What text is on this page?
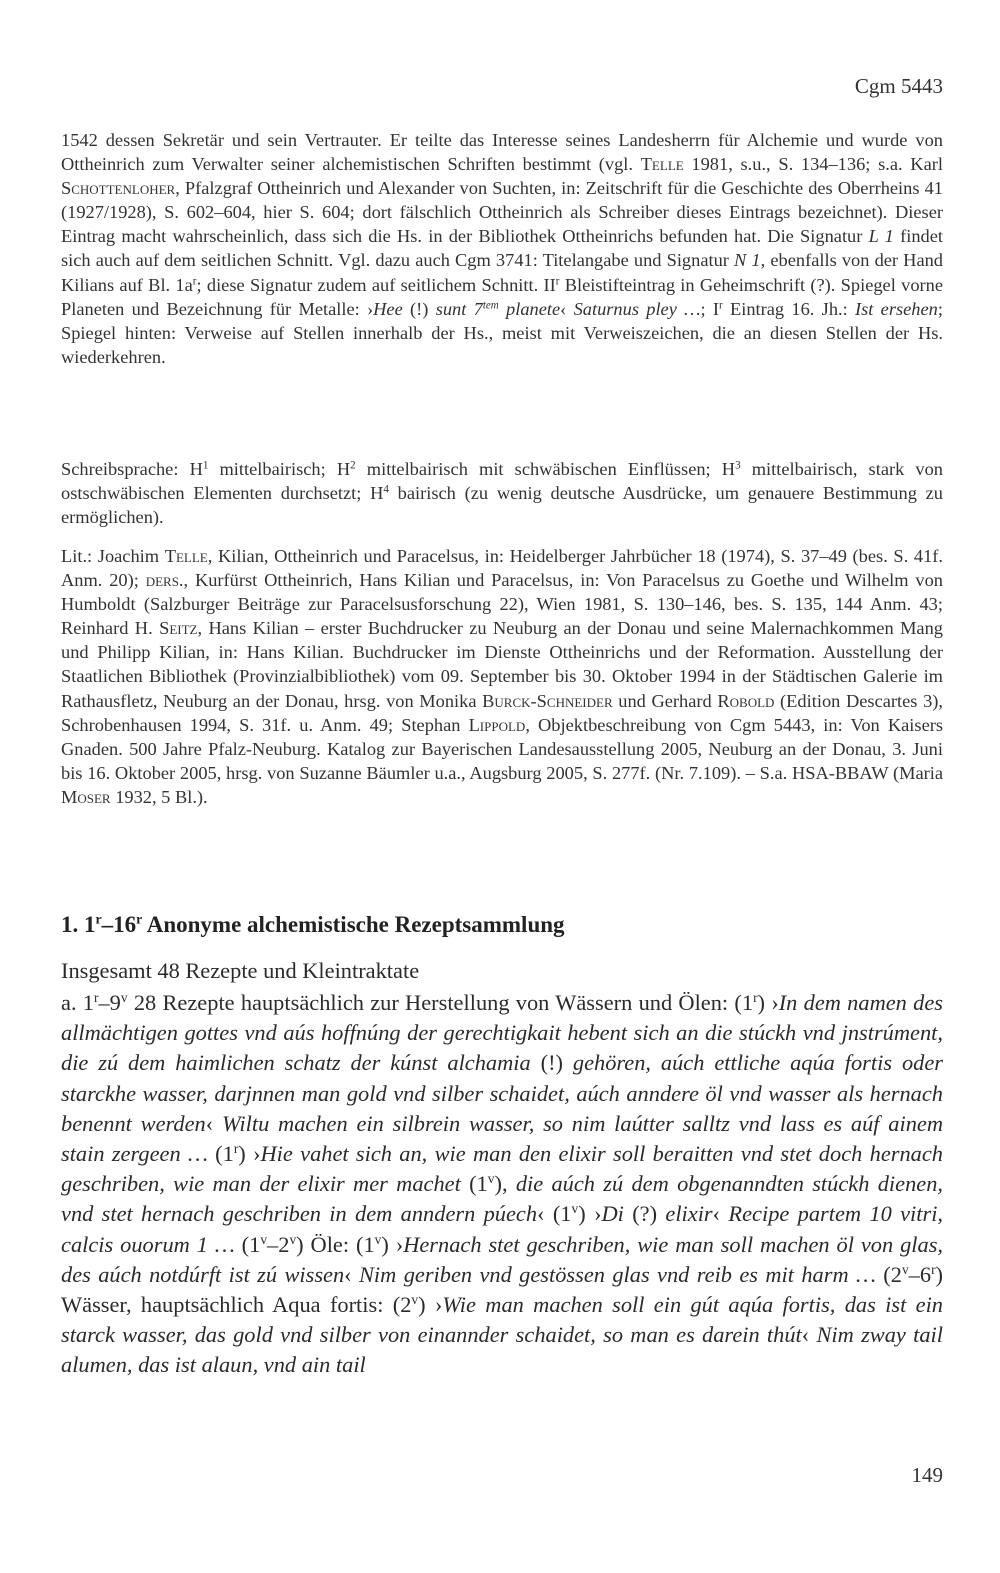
Cgm 5443

1542 dessen Sekretär und sein Vertrauter. Er teilte das Interesse seines Landesherrn für Alchemie und wurde von Ottheinrich zum Verwalter seiner alchemistischen Schriften bestimmt (vgl. Telle 1981, s.u., S. 134–136; s.a. Karl Schottenloher, Pfalzgraf Ottheinrich und Alexander von Suchten, in: Zeitschrift für die Geschichte des Oberrheins 41 (1927/1928), S. 602–604, hier S. 604; dort fälschlich Ottheinrich als Schreiber dieses Eintrags bezeichnet). Dieser Eintrag macht wahrscheinlich, dass sich die Hs. in der Bibliothek Ottheinrichs befunden hat. Die Signatur L 1 findet sich auch auf dem seitlichen Schnitt. Vgl. dazu auch Cgm 3741: Titelangabe und Signatur N 1, ebenfalls von der Hand Kilians auf Bl. $1a^r$; diese Signatur zudem auf seitlichem Schnitt. $II^r$ Bleistifteintrag in Geheimschrift (?). Spiegel vorne Planeten und Bezeichnung für Metalle: ›Hee (!) sunt $7^{tem}$ planete‹ Saturnus pley …; $I^r$ Eintrag 16. Jh.: Ist ersehen; Spiegel hinten: Verweise auf Stellen innerhalb der Hs., meist mit Verweiszeichen, die an diesen Stellen der Hs. wiederkehren.

Schreibsprache: $H^1$ mittelbairisch; $H^2$ mittelbairisch mit schwäbischen Einflüssen; $H^3$ mittelbairisch, stark von ostschwäbischen Elementen durchsetzt; $H^4$ bairisch (zu wenig deutsche Ausdrücke, um genauere Bestimmung zu ermöglichen).

Lit.: Joachim Telle, Kilian, Ottheinrich und Paracelsus, in: Heidelberger Jahrbücher 18 (1974), S. 37–49 (bes. S. 41f. Anm. 20); ders., Kurfürst Ottheinrich, Hans Kilian und Paracelsus, in: Von Paracelsus zu Goethe und Wilhelm von Humboldt (Salzburger Beiträge zur Paracelsusforschung 22), Wien 1981, S. 130–146, bes. S. 135, 144 Anm. 43; Reinhard H. Seitz, Hans Kilian – erster Buchdrucker zu Neuburg an der Donau und seine Malernachkommen Mang und Philipp Kilian, in: Hans Kilian. Buchdrucker im Dienste Ottheinrichs und der Reformation. Ausstellung der Staatlichen Bibliothek (Provinzialbibliothek) vom 09. September bis 30. Oktober 1994 in der Städtischen Galerie im Rathausfletz, Neuburg an der Donau, hrsg. von Monika Burck-Schneider und Gerhard Robold (Edition Descartes 3), Schrobenhausen 1994, S. 31f. u. Anm. 49; Stephan Lippold, Objektbeschreibung von Cgm 5443, in: Von Kaisers Gnaden. 500 Jahre Pfalz-Neuburg. Katalog zur Bayerischen Landesausstellung 2005, Neuburg an der Donau, 3. Juni bis 16. Oktober 2005, hrsg. von Suzanne Bäumler u.a., Augsburg 2005, S. 277f. (Nr. 7.109). – S.a. HSA-BBAW (Maria Moser 1932, 5 Bl.).

1. 1$^r$–16$^r$ Anonyme alchemistische Rezeptsammlung

Insgesamt 48 Rezepte und Kleintraktate

a. 1$^r$–9$^v$ 28 Rezepte hauptsächlich zur Herstellung von Wässern und Ölen: (1$^r$) ›In dem namen des allmächtigen gottes vnd aús hoffnúng der gerechtigkait hebent sich an die stúckh vnd jnstrúment, die zú dem haimlichen schatz der kúnst alchamia (!) gehören, aúch ettliche aqúa fortis oder starckhe wasser, darjnnen man gold vnd silber schaidet, aúch anndere öl vnd wasser als hernach benennt werden‹ Wiltu machen ein silbrein wasser, so nim laútter salltz vnd lass es aúf ainem stain zergeen … (1$^r$) ›Hie vahet sich an, wie man den elixir soll beraitten vnd stet doch hernach geschriben, wie man der elixir mer machet (1$^v$), die aúch zú dem obgenanndten stúckh dienen, vnd stet hernach geschriben in dem anndern púech‹ (1$^v$) ›Di (?) elixir‹ Recipe partem 10 vitri, calcis ouorum 1 … (1$^v$–2$^v$) Öle: (1$^v$) ›Hernach stet geschriben, wie man soll machen öl von glas, des aúch notdúrft ist zú wissen‹ Nim geriben vnd gestössen glas vnd reib es mit harm … (2$^v$–6$^r$) Wässer, hauptsächlich Aqua fortis: (2$^v$) ›Wie man machen soll ein gút aqúa fortis, das ist ein starck wasser, das gold vnd silber von einannder schaidet, so man es darein thút‹ Nim zway tail alumen, das ist alaun, vnd ain tail

149
